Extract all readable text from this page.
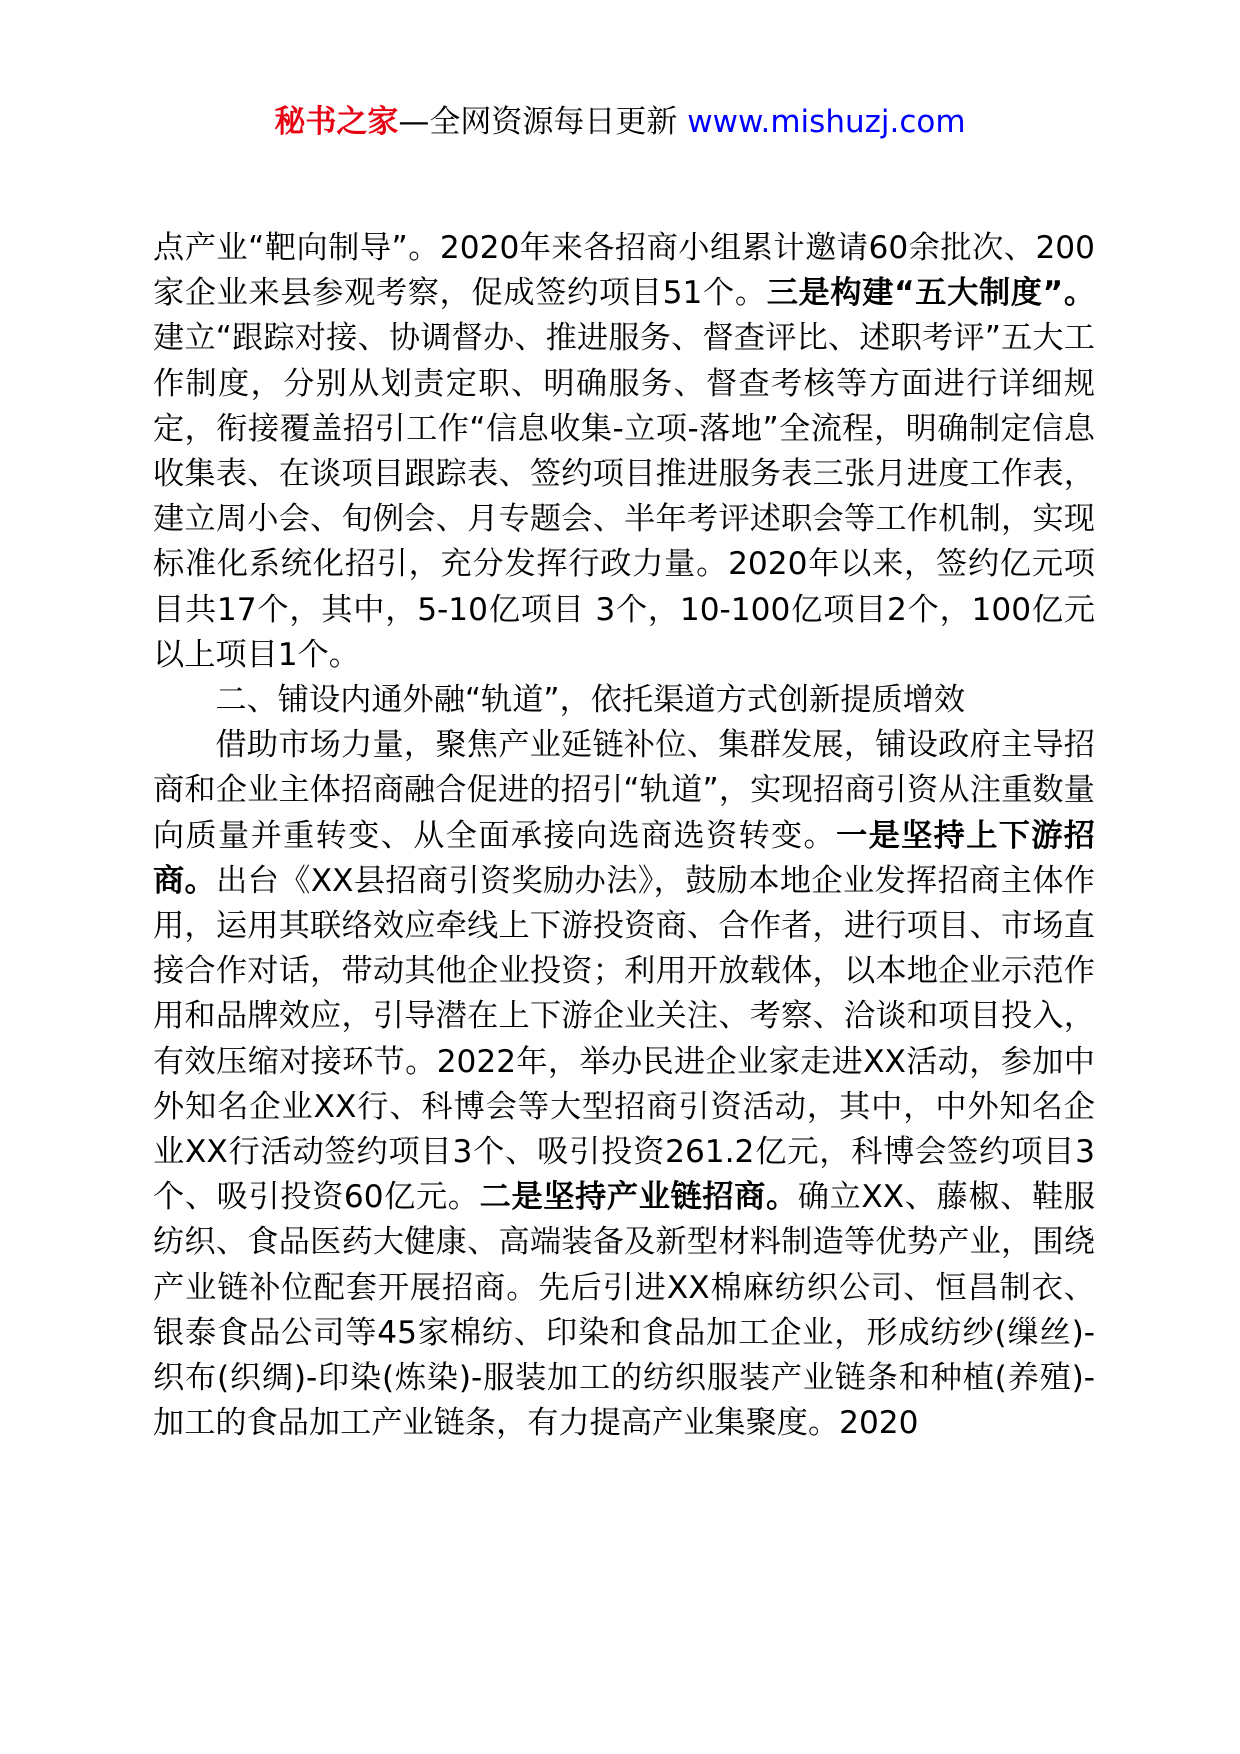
秘书之家—全网资源每日更新 www.mishuzj.com

点产业“靶向制导”。2020年来各招商小组累计邀请60余批次、200家企业来县参观考察，促成签约项目51个。三是构建“五大制度”。建立“跟踪对接、协调督办、推进服务、督查评比、述职考评”五大工作制度，分别从划责定职、明确服务、督查考核等方面进行详细规定，衔接覆盖招引工作“信息收集-立项-落地”全流程，明确制定信息收集表、在谈项目跟踪表、签约项目推进服务表三张月进度工作表，建立周小会、旬例会、月专题会、半年考评述职会等工作机制，实现标准化系统化招引，充分发挥行政力量。2020年以来，签约亿元项目共17个，其中，5-10亿项目 3个，10-100亿项目2个，100亿元以上项目1个。

二、铺设内通外融“轨道”，依托渠道方式创新提质增效

借助市场力量，聚焦产业延链补位、集群发展，铺设政府主导招商和企业主体招商融合促进的招引“轨道”，实现招商引资从注重数量向质量并重转变、从全面承接向选商选资转变。一是坚持上下游招商。出台《XX县招商引资奖励办法》，鼓励本地企业发挥招商主体作用，运用其联络效应牵线上下游投资商、合作者，进行项目、市场直接合作对话，带动其他企业投资；利用开放载体，以本地企业示范作用和品牌效应，引导潜在上下游企业关注、考察、洽谈和项目投入，有效压缩对接环节。2022年，举办民进企业家走进XX活动，参加中外知名企业XX行、科博会等大型招商引资活动，其中，中外知名企业XX行活动签约项目3个、吸引投资261.2亿元，科博会签约项目3个、吸引投资60亿元。二是坚持产业链招商。确立XX、藤椒、鞋服纺织、食品医药大健康、高端装备及新型材料制造等优势产业，围绕产业链补位配套开展招商。先后引进XX棉麻纺织公司、恒昌制衣、银泰食品公司等45家棉纺、印染和食品加工企业，形成纺纱(缫丝)-织布(织绸)-印染(炼染)-服装加工的纺织服装产业链条和种植(养殖)-加工的食品加工产业链条，有力提高产业集聚度。2020
